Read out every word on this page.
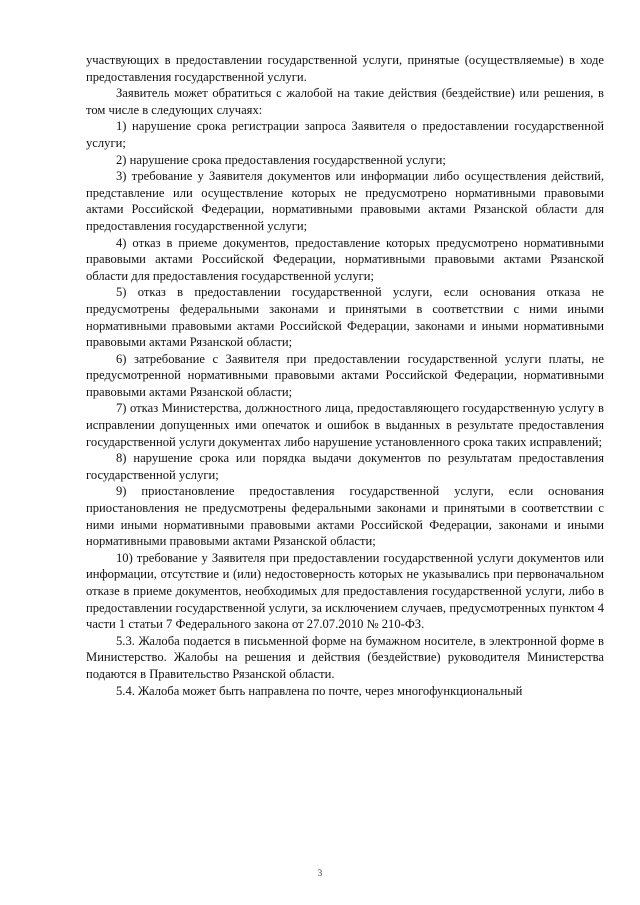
участвующих в предоставлении государственной услуги, принятые (осуществляемые) в ходе предоставления государственной услуги.

Заявитель может обратиться с жалобой на такие действия (бездействие) или решения, в том числе в следующих случаях:

1) нарушение срока регистрации запроса Заявителя о предоставлении государственной услуги;

2) нарушение срока предоставления государственной услуги;

3) требование у Заявителя документов или информации либо осуществления действий, представление или осуществление которых не предусмотрено нормативными правовыми актами Российской Федерации, нормативными правовыми актами Рязанской области для предоставления государственной услуги;

4) отказ в приеме документов, предоставление которых предусмотрено нормативными правовыми актами Российской Федерации, нормативными правовыми актами Рязанской области для предоставления государственной услуги;

5) отказ в предоставлении государственной услуги, если основания отказа не предусмотрены федеральными законами и принятыми в соответствии с ними иными нормативными правовыми актами Российской Федерации, законами и иными нормативными правовыми актами Рязанской области;

6) затребование с Заявителя при предоставлении государственной услуги платы, не предусмотренной нормативными правовыми актами Российской Федерации, нормативными правовыми актами Рязанской области;

7) отказ Министерства, должностного лица, предоставляющего государственную услугу в исправлении допущенных ими опечаток и ошибок в выданных в результате предоставления государственной услуги документах либо нарушение установленного срока таких исправлений;

8) нарушение срока или порядка выдачи документов по результатам предоставления государственной услуги;

9) приостановление предоставления государственной услуги, если основания приостановления не предусмотрены федеральными законами и принятыми в соответствии с ними иными нормативными правовыми актами Российской Федерации, законами и иными нормативными правовыми актами Рязанской области;

10) требование у Заявителя при предоставлении государственной услуги документов или информации, отсутствие и (или) недостоверность которых не указывались при первоначальном отказе в приеме документов, необходимых для предоставления государственной услуги, либо в предоставлении государственной услуги, за исключением случаев, предусмотренных пунктом 4 части 1 статьи 7 Федерального закона от 27.07.2010 № 210-ФЗ.

5.3. Жалоба подается в письменной форме на бумажном носителе, в электронной форме в Министерство. Жалобы на решения и действия (бездействие) руководителя Министерства подаются в Правительство Рязанской области.

5.4. Жалоба может быть направлена по почте, через многофункциональный

3
